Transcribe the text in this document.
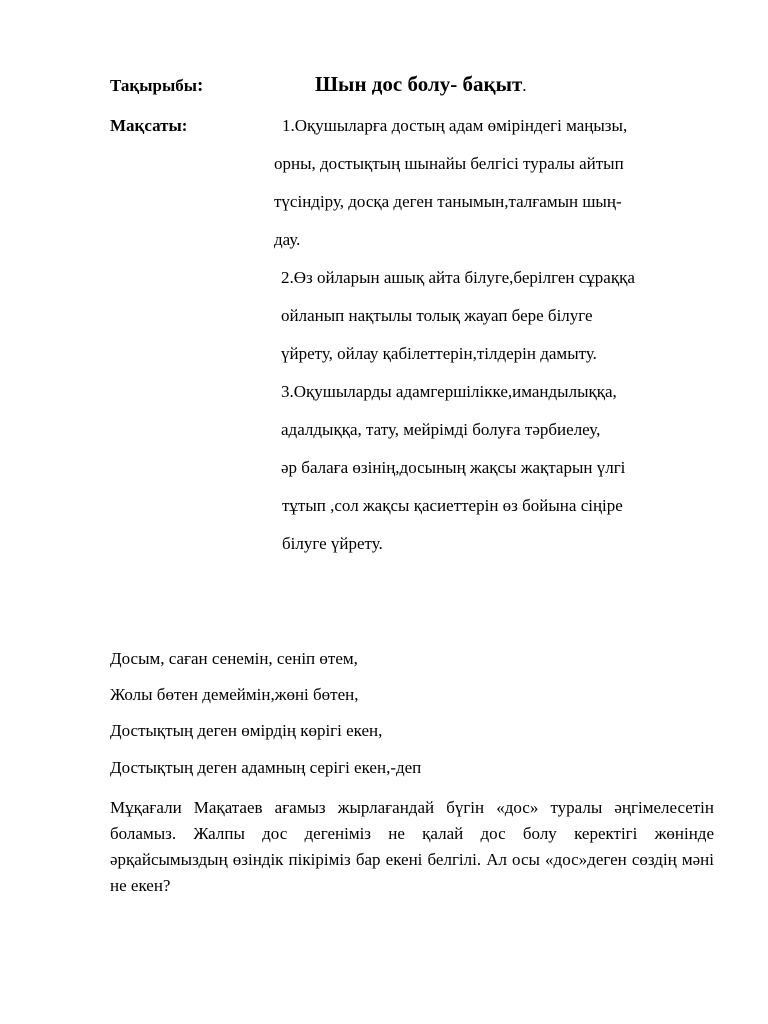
Тақырыбы:	Шын дос болу- бақыт.
Мақсаты:	1.Оқушыларға достың адам өміріндегі маңызы,
орны, достықтың шынайы белгісі туралы айтып
түсіндіру, досқа деген танымын,талғамын шың-
дау.
2.Өз ойларын ашық айта білуге,берілген сұраққа
ойланып нақтылы толық жауап бере білуге
үйрету, ойлау қабілеттерін,тілдерін дамыту.
3.Оқушыларды адамгершілікке,имандылыққа,
адалдыққа, тату, мейрімді болуға тәрбиелеу,
әр балаға өзінің,досының жақсы жақтарын үлгі
тұтып ,сол жақсы қасиеттерін өз бойына сіңіре
білуге үйрету.
Досым, саған сенемін, сеніп өтем,
Жолы бөтен демеймін,жөні бөтен,
Достықтың деген өмірдің көрігі екен,
Достықтың деген адамның серігі екен,-деп
Мұқағали Мақатаев ағамыз жырлағандай бүгін «дос» туралы әңгімелесетін боламыз. Жалпы дос дегеніміз не қалай дос болу керектігі жөнінде әрқайсымыздың өзіндік пікіріміз бар екені белгілі. Ал осы «дос»деген сөздің мәні не екен?
